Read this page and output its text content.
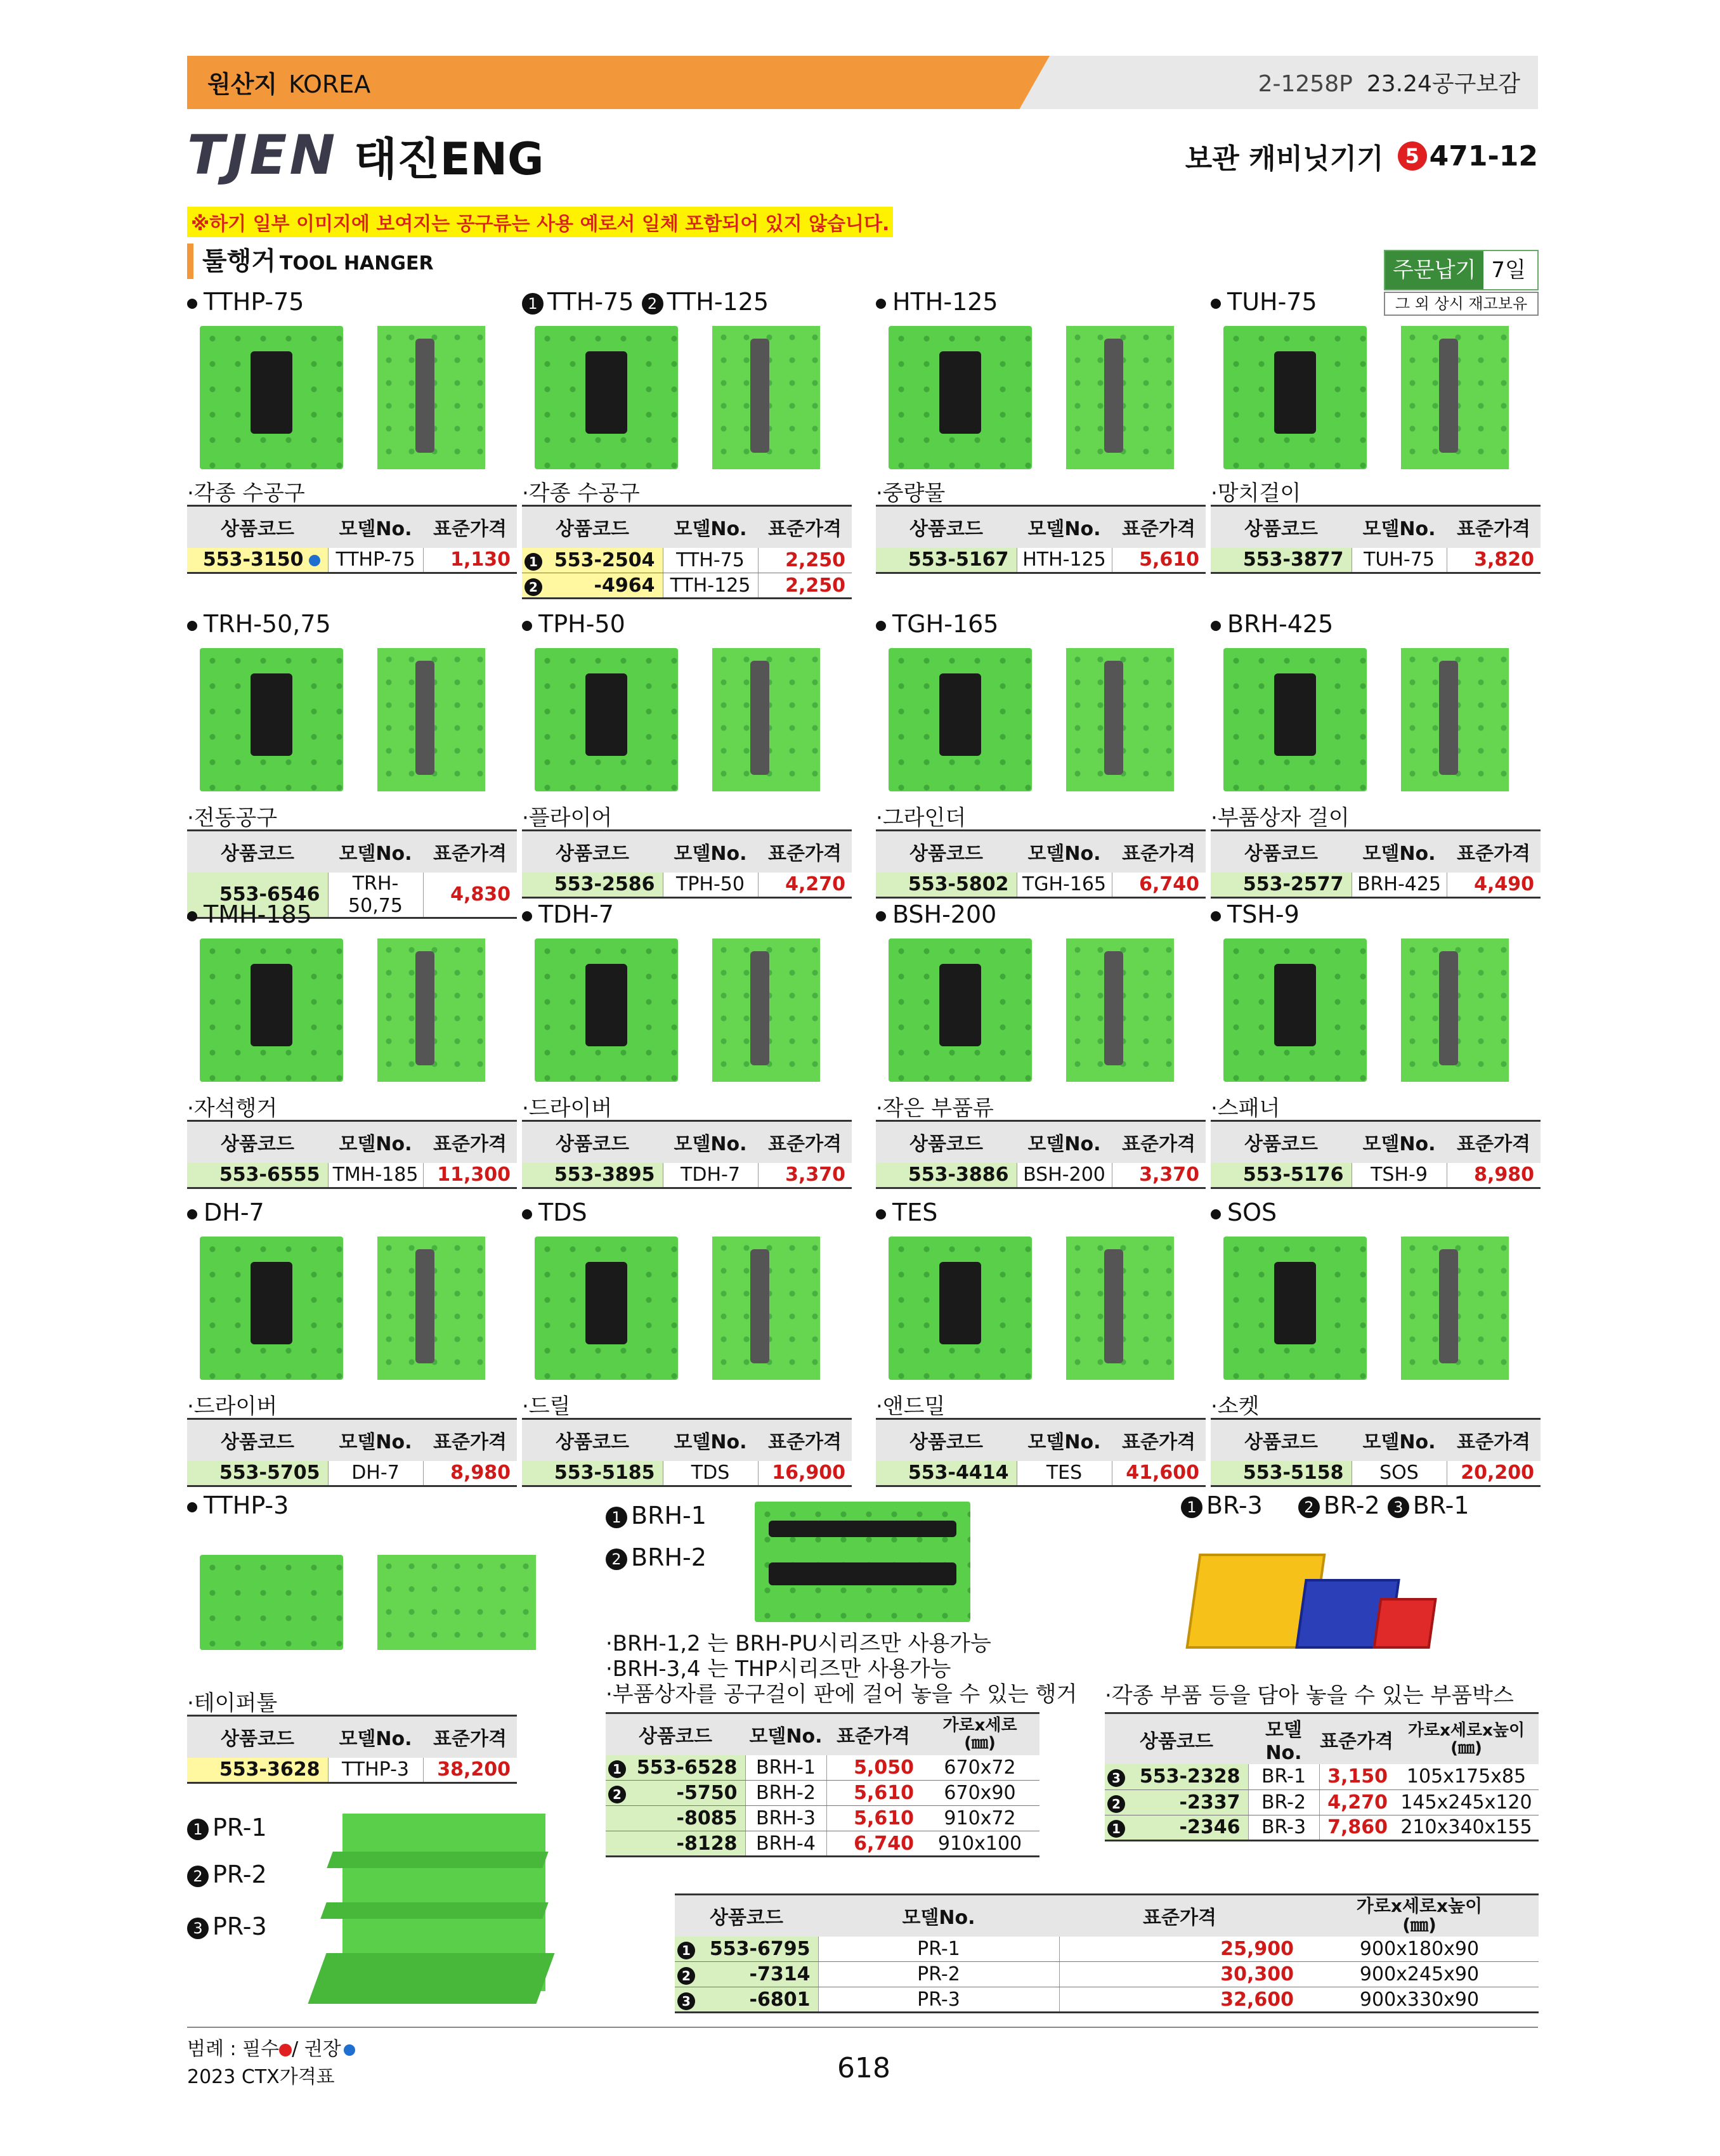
원산지 KOREA	2-1258P 23.24공구보감
TJEN 태진ENG	보관 캐비닛기기	5 471-12
※하기 일부 이미지에 보여지는 공구류는 사용 예로서 일체 포함되어 있지 않습니다.
툴행거 TOOL HANGER	주문납기 7일
그 외 상시 재고보유
TTHP-75
·각종 수공구
상품코드	모델No.	표준가격
553-3150	TTHP-75	1,130
1 TTH-75 2 TTH-125
·각종 수공구
상품코드	모델No.	표준가격

1 553-2504	TTH-75	2,250

2 -4964	TTH-125	2,250
HTH-125
·중량물
상품코드	모델No.	표준가격
553-5167	HTH-125	5,610
TUH-75
·망치걸이
상품코드	모델No.	표준가격
553-3877	TUH-75	3,820
TRH-50,75
·전동공구
상품코드	모델No.	표준가격
553-6546	TRH-50,75	4,830
TPH-50
·플라이어
상품코드	모델No.	표준가격
553-2586	TPH-50	4,270
TGH-165
·그라인더
상품코드	모델No.	표준가격
553-5802	TGH-165	6,740
BRH-425
·부품상자 걸이
상품코드	모델No.	표준가격
553-2577	BRH-425	4,490
TMH-185
·자석행거
상품코드	모델No.	표준가격
553-6555	TMH-185	11,300
TDH-7
·드라이버
상품코드	모델No.	표준가격
553-3895	TDH-7	3,370
BSH-200
·작은 부품류
상품코드	모델No.	표준가격
553-3886	BSH-200	3,370
TSH-9
·스패너
상품코드	모델No.	표준가격
553-5176	TSH-9	8,980
DH-7
·드라이버
상품코드	모델No.	표준가격
553-5705	DH-7	8,980
TDS
·드릴
상품코드	모델No.	표준가격
553-5185	TDS	16,900
TES
·앤드밀
상품코드	모델No.	표준가격
553-4414	TES	41,600
SOS
·소켓
상품코드	모델No.	표준가격
553-5158	SOS	20,200
TTHP-3
·테이퍼툴
상품코드	모델No.	표준가격
553-3628	TTHP-3	38,200
1 BRH-1
2 BRH-2
·BRH-1,2 는 BRH-PU시리즈만 사용가능
·BRH-3,4 는 THP시리즈만 사용가능
·부품상자를 공구걸이 판에 걸어 놓을 수 있는 행거
상품코드	모델No.	표준가격	가로x세로
(㎜)

1 553-6528	BRH-1	5,050	670x72

2 -5750	BRH-2	5,610	670x90
-8085	BRH-3	5,610	910x72
-8128	BRH-4	6,740	910x100
1 BR-3	2 BR-2 3 BR-1
·각종 부품 등을 담아 놓을 수 있는 부품박스
상품코드	모델No.	표준가격	가로x세로x높이
(㎜)

3 553-2328	BR-1	3,150	105x175x85

2 -2337	BR-2	4,270	145x245x120

1 -2346	BR-3	7,860	210x340x155
1 PR-1
2 PR-2
3 PR-3	상품코드	모델No.	표준가격	가로x세로x높이
(㎜)

1 553-6795	PR-1	25,900	900x180x90

2 -7314	PR-2	30,300	900x245x90

3 -6801	PR-3	32,600	900x330x90
범례 : 필수 / 권장
2023 CTX가격표	618
